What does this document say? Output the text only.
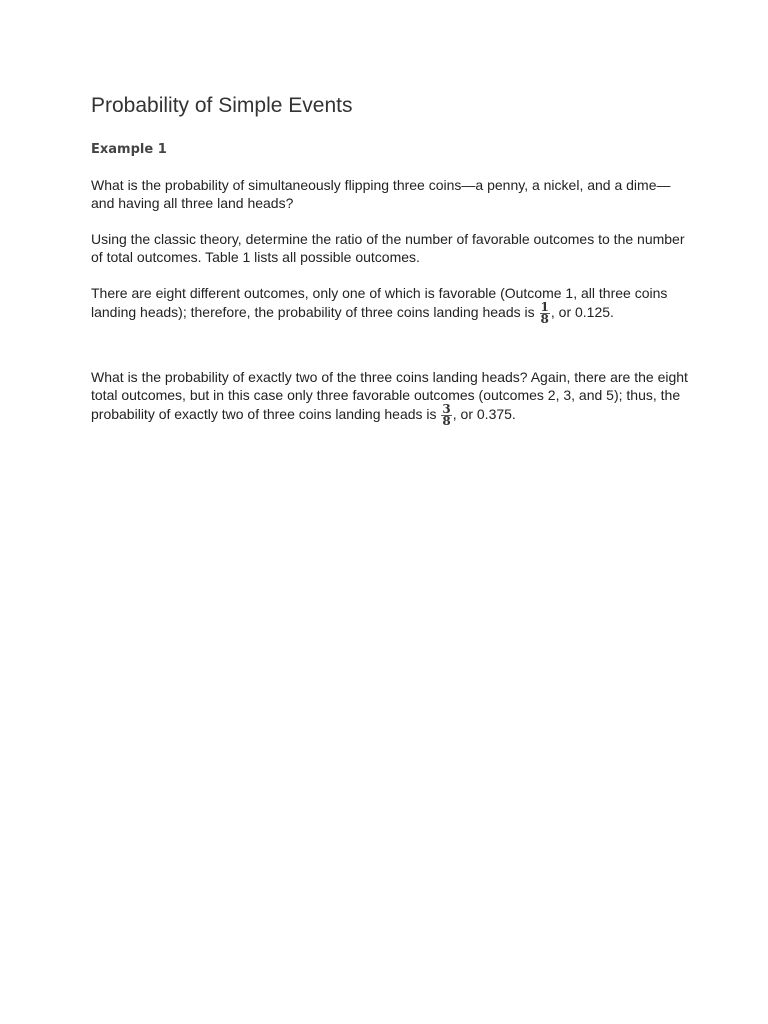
Probability of Simple Events
Example 1

What is the probability of simultaneously flipping three coins—a penny, a nickel, and a dime—and having all three land heads?

Using the classic theory, determine the ratio of the number of favorable outcomes to the number of total outcomes. Table 1 lists all possible outcomes.

There are eight different outcomes, only one of which is favorable (Outcome 1, all three coins landing heads); therefore, the probability of three coins landing heads is $\frac{1}{8}$ , or 0.125.

What is the probability of exactly two of the three coins landing heads? Again, there are the eight total outcomes, but in this case only three favorable outcomes (outcomes 2, 3, and 5); thus, the probability of exactly two of three coins landing heads is $\frac{3}{8}$ , or 0.375.
